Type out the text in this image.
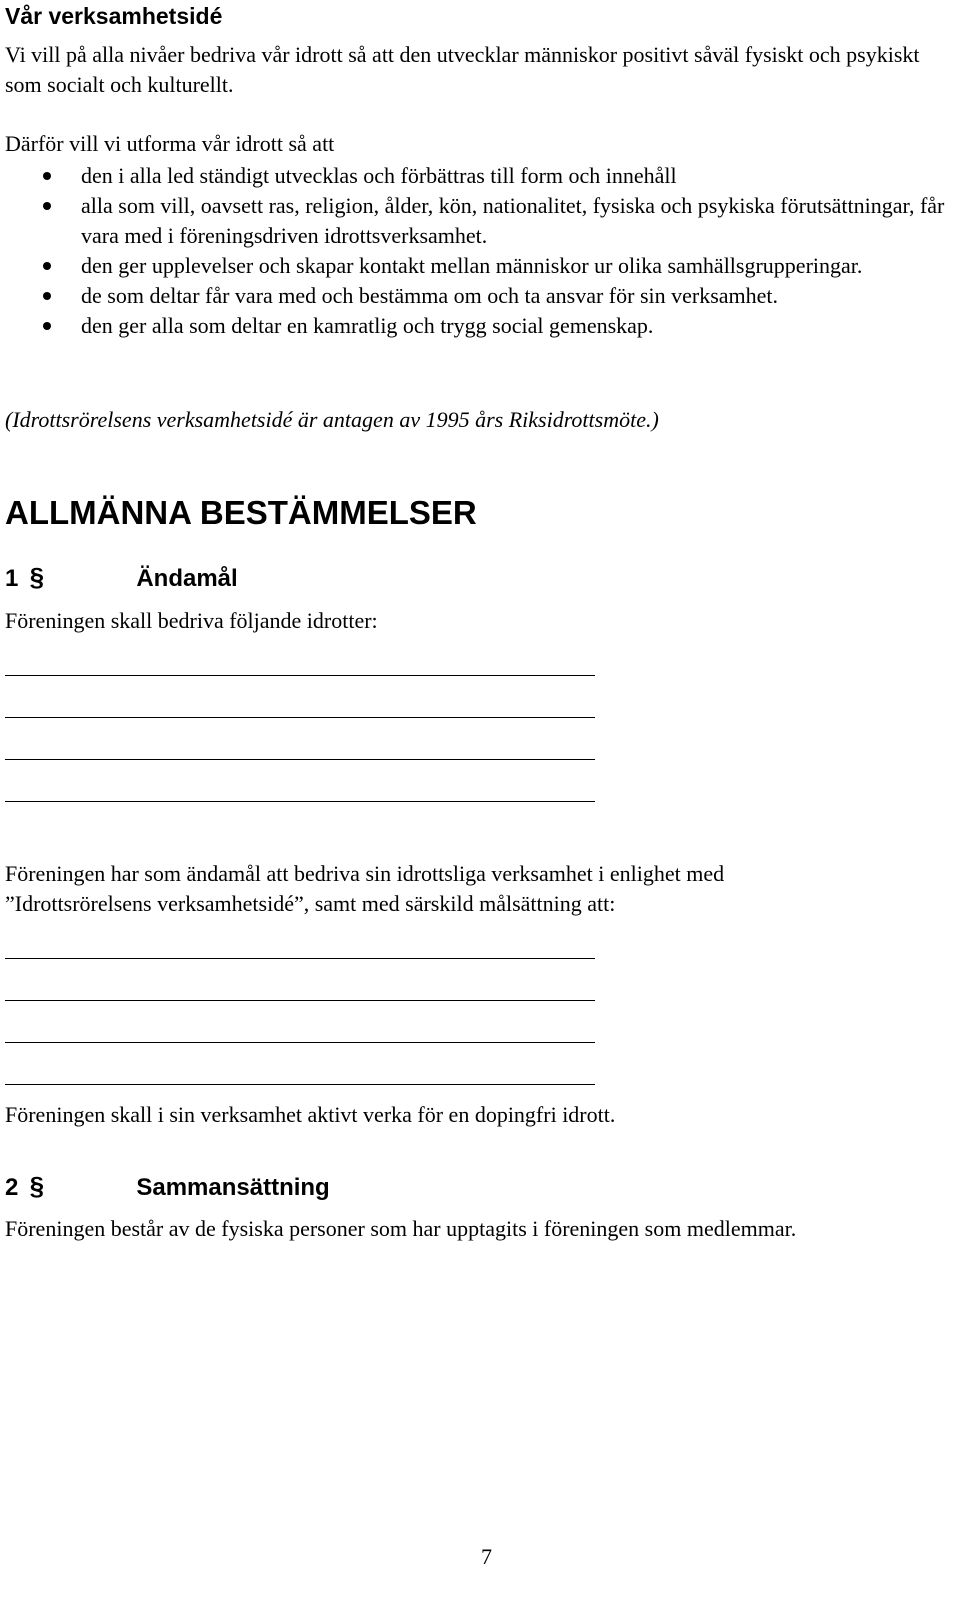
Vår verksamhetsidé
Vi vill på alla nivåer bedriva vår idrott så att den utvecklar människor positivt såväl fysiskt och psykiskt som socialt och kulturellt.
Därför vill vi utforma vår idrott så att
den i alla led ständigt utvecklas och förbättras till form och innehåll
alla som vill, oavsett ras, religion, ålder, kön, nationalitet, fysiska och psykiska förutsättningar, får vara med i föreningsdriven idrottsverksamhet.
den ger upplevelser och skapar kontakt mellan människor ur olika samhällsgrupperingar.
de som deltar får vara med och bestämma om och ta ansvar för sin verksamhet.
den ger alla som deltar en kamratlig och trygg social gemenskap.
(Idrottsrörelsens verksamhetsidé är antagen av 1995 års Riksidrottsmöte.)
ALLMÄNNA BESTÄMMELSER
1 §	Ändamål
Föreningen skall bedriva följande idrotter:
Föreningen har som ändamål att bedriva sin idrottsliga verksamhet i enlighet med
”Idrottsrörelsens verksamhetsidé”, samt med särskild målsättning att:
Föreningen skall i sin verksamhet aktivt verka för en dopingfri idrott.
2 §	Sammansättning
Föreningen består av de fysiska personer som har upptagits i föreningen som medlemmar.
7
